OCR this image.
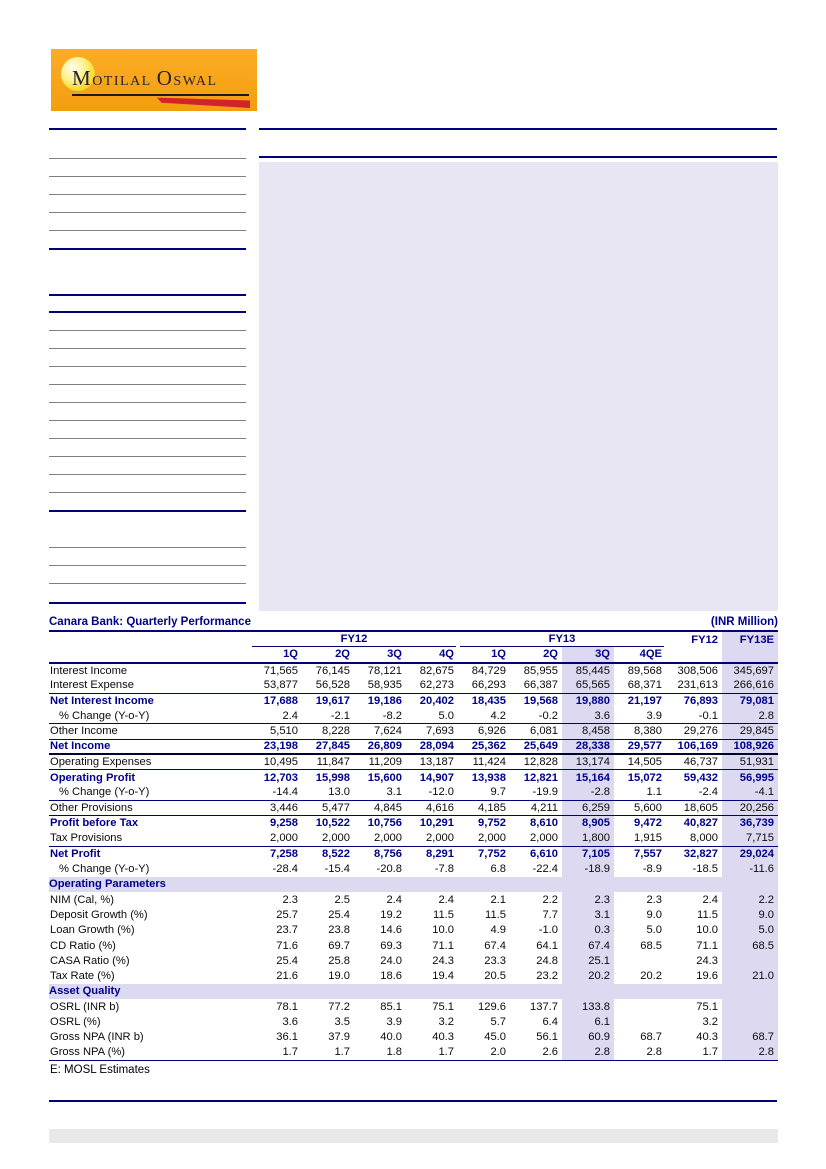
MOTILAL OSWAL
Canara Bank: Quarterly Performance	(INR Million)

	FY12				FY13				FY12	FY13E
	1Q	2Q	3Q	4Q	1Q	2Q	3Q	4QE		
Interest Income	71,565	76,145	78,121	82,675	84,729	85,955	85,445	89,568	308,506	345,697
Interest Expense	53,877	56,528	58,935	62,273	66,293	66,387	65,565	68,371	231,613	266,616
Net Interest Income	17,688	19,617	19,186	20,402	18,435	19,568	19,880	21,197	76,893	79,081
% Change (Y-o-Y)	2.4	-2.1	-8.2	5.0	4.2	-0.2	3.6	3.9	-0.1	2.8
Other Income	5,510	8,228	7,624	7,693	6,926	6,081	8,458	8,380	29,276	29,845
Net Income	23,198	27,845	26,809	28,094	25,362	25,649	28,338	29,577	106,169	108,926
Operating Expenses	10,495	11,847	11,209	13,187	11,424	12,828	13,174	14,505	46,737	51,931
Operating Profit	12,703	15,998	15,600	14,907	13,938	12,821	15,164	15,072	59,432	56,995
% Change (Y-o-Y)	-14.4	13.0	3.1	-12.0	9.7	-19.9	-2.8	1.1	-2.4	-4.1
Other Provisions	3,446	5,477	4,845	4,616	4,185	4,211	6,259	5,600	18,605	20,256
Profit before Tax	9,258	10,522	10,756	10,291	9,752	8,610	8,905	9,472	40,827	36,739
Tax Provisions	2,000	2,000	2,000	2,000	2,000	2,000	1,800	1,915	8,000	7,715
Net Profit	7,258	8,522	8,756	8,291	7,752	6,610	7,105	7,557	32,827	29,024
% Change (Y-o-Y)	-28.4	-15.4	-20.8	-7.8	6.8	-22.4	-18.9	-8.9	-18.5	-11.6
Operating Parameters										
NIM (Cal, %)	2.3	2.5	2.4	2.4	2.1	2.2	2.3	2.3	2.4	2.2
Deposit Growth (%)	25.7	25.4	19.2	11.5	11.5	7.7	3.1	9.0	11.5	9.0
Loan Growth (%)	23.7	23.8	14.6	10.0	4.9	-1.0	0.3	5.0	10.0	5.0
CD Ratio (%)	71.6	69.7	69.3	71.1	67.4	64.1	67.4	68.5	71.1	68.5
CASA Ratio (%)	25.4	25.8	24.0	24.3	23.3	24.8	25.1		24.3	
Tax Rate (%)	21.6	19.0	18.6	19.4	20.5	23.2	20.2	20.2	19.6	21.0
Asset Quality										
OSRL (INR b)	78.1	77.2	85.1	75.1	129.6	137.7	133.8		75.1	
OSRL (%)	3.6	3.5	3.9	3.2	5.7	6.4	6.1		3.2	
Gross NPA (INR b)	36.1	37.9	40.0	40.3	45.0	56.1	60.9	68.7	40.3	68.7
Gross NPA (%)	1.7	1.7	1.8	1.7	2.0	2.6	2.8	2.8	1.7	2.8
E: MOSL Estimates
